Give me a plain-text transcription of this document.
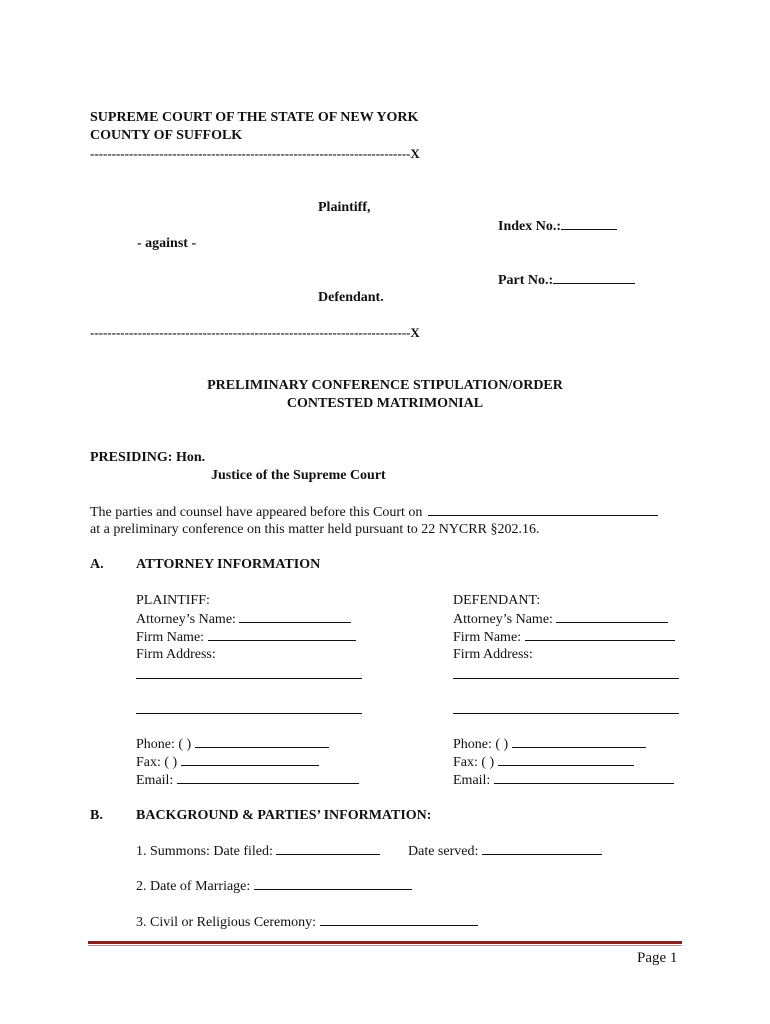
SUPREME COURT OF THE STATE OF NEW YORK
COUNTY OF SUFFOLK
--------------------------------------------------------------------------X
Plaintiff,
Index No.:
- against -
Part No.:
Defendant.
--------------------------------------------------------------------------X
PRELIMINARY CONFERENCE STIPULATION/ORDER
CONTESTED MATRIMONIAL
PRESIDING: Hon.
Justice of the Supreme Court
The parties and counsel have appeared before this Court on
at a preliminary conference on this matter held pursuant to 22 NYCRR §202.16.
A. ATTORNEY INFORMATION
PLAINTIFF:
Attorney’s Name:
Firm Name:
Firm Address:
Phone: ( )
Fax: ( )
Email:
DEFENDANT:
Attorney’s Name:
Firm Name:
Firm Address:
Phone: ( )
Fax: ( )
Email:
B. BACKGROUND & PARTIES’ INFORMATION:
1. Summons: Date filed:	Date served:
2. Date of Marriage:
3. Civil or Religious Ceremony:
Page 1
